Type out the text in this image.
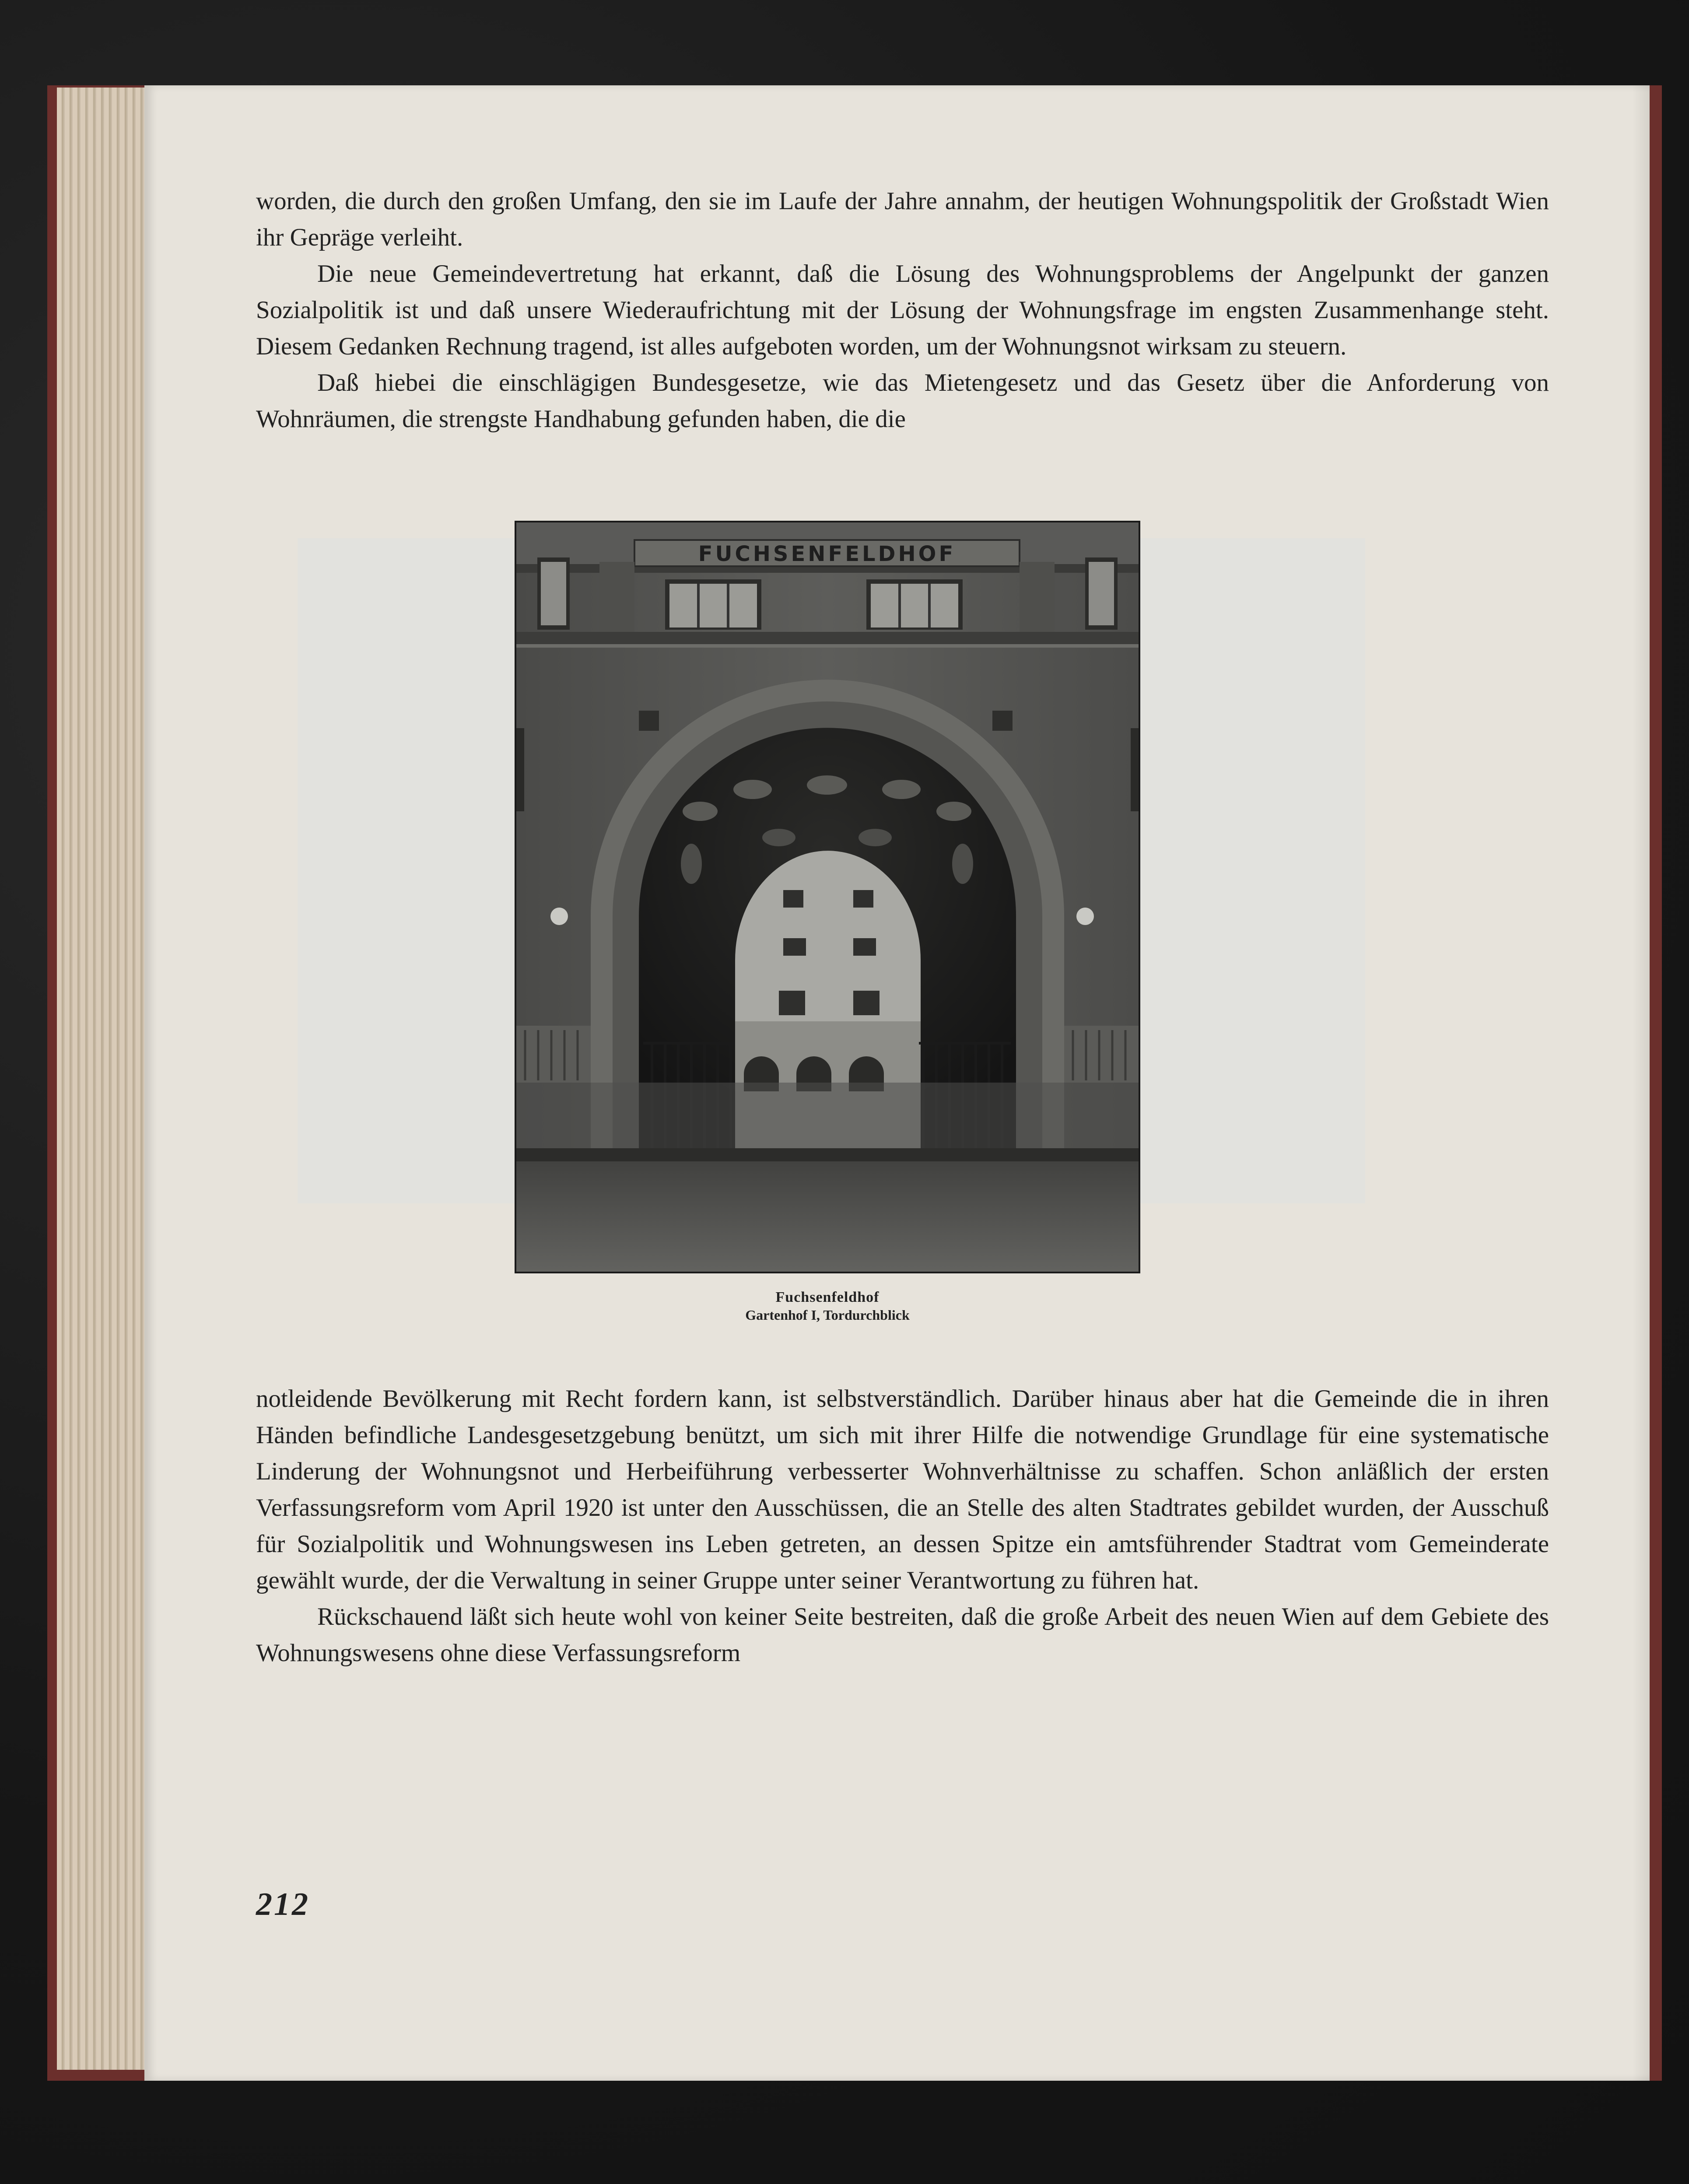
worden, die durch den großen Umfang, den sie im Laufe der Jahre annahm, der heutigen Wohnungspolitik der Großstadt Wien ihr Gepräge verleiht.

Die neue Gemeindevertretung hat erkannt, daß die Lösung des Wohnungsproblems der Angelpunkt der ganzen Sozialpolitik ist und daß unsere Wiederaufrichtung mit der Lösung der Wohnungsfrage im engsten Zusammenhange steht. Diesem Gedanken Rechnung tragend, ist alles aufgeboten worden, um der Wohnungsnot wirksam zu steuern.

Daß hiebei die einschlägigen Bundesgesetze, wie das Mietengesetz und das Gesetz über die Anforderung von Wohnräumen, die strengste Handhabung gefunden haben, die die

FUCHSENFELDHOF
Fuchsenfeldhof
Gartenhof I, Tordurchblick

notleidende Bevölkerung mit Recht fordern kann, ist selbstverständlich. Darüber hinaus aber hat die Gemeinde die in ihren Händen befindliche Landesgesetzgebung benützt, um sich mit ihrer Hilfe die notwendige Grundlage für eine systematische Linderung der Wohnungsnot und Herbeiführung verbesserter Wohnverhältnisse zu schaffen. Schon anläßlich der ersten Verfassungsreform vom April 1920 ist unter den Ausschüssen, die an Stelle des alten Stadtrates gebildet wurden, der Ausschuß für Sozialpolitik und Wohnungswesen ins Leben getreten, an dessen Spitze ein amtsführender Stadtrat vom Gemeinderate gewählt wurde, der die Verwaltung in seiner Gruppe unter seiner Verantwortung zu führen hat.

Rückschauend läßt sich heute wohl von keiner Seite bestreiten, daß die große Arbeit des neuen Wien auf dem Gebiete des Wohnungswesens ohne diese Verfassungsreform

212
